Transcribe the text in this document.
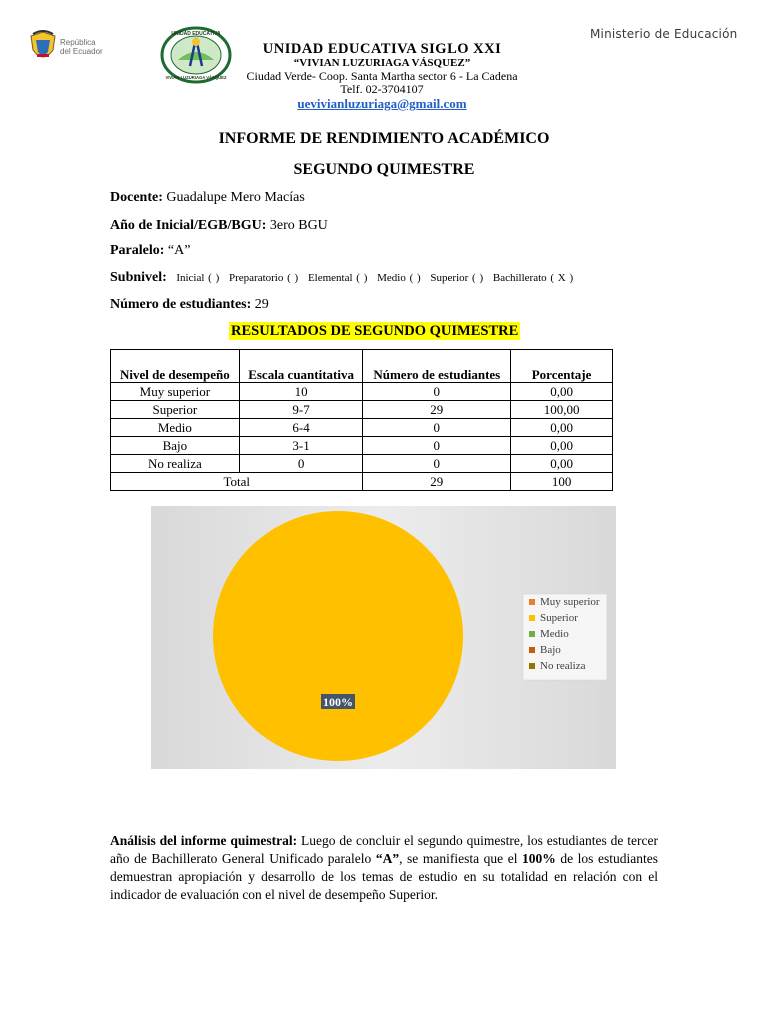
República
del Ecuador
UNIDAD EDUCATIVA
VIVIAN LUZURIAGA VÁSQUEZ
Ministerio de Educación
UNIDAD EDUCATIVA SIGLO XXI
“VIVIAN LUZURIAGA VÁSQUEZ”
Ciudad Verde- Coop. Santa Martha sector 6 - La Cadena
Telf. 02-3704107
uevivianluzuriaga@gmail.com
INFORME DE RENDIMIENTO ACADÉMICO
SEGUNDO QUIMESTRE
Docente: Guadalupe Mero Macías
Año de Inicial/EGB/BGU: 3ero BGU
Paralelo: “A”
Subnivel: Inicial ( ) Preparatorio ( ) Elemental ( ) Medio ( ) Superior ( ) Bachillerato ( X )
Número de estudiantes: 29
RESULTADOS DE SEGUNDO QUIMESTRE
Nivel de desempeño	Escala cuantitativa	Número de estudiantes	Porcentaje
Muy superior	10	0	0,00
Superior	9-7	29	100,00
Medio	6-4	0	0,00
Bajo	3-1	0	0,00
No realiza	0	0	0,00
Total		29	100
100%
Muy superior
Superior
Medio
Bajo
No realiza
Análisis del informe quimestral: Luego de concluir el segundo quimestre, los estudiantes de tercer año de Bachillerato General Unificado paralelo “A”, se manifiesta que el 100% de los estudiantes demuestran apropiación y desarrollo de los temas de estudio en su totalidad en relación con el indicador de evaluación con el nivel de desempeño Superior.
